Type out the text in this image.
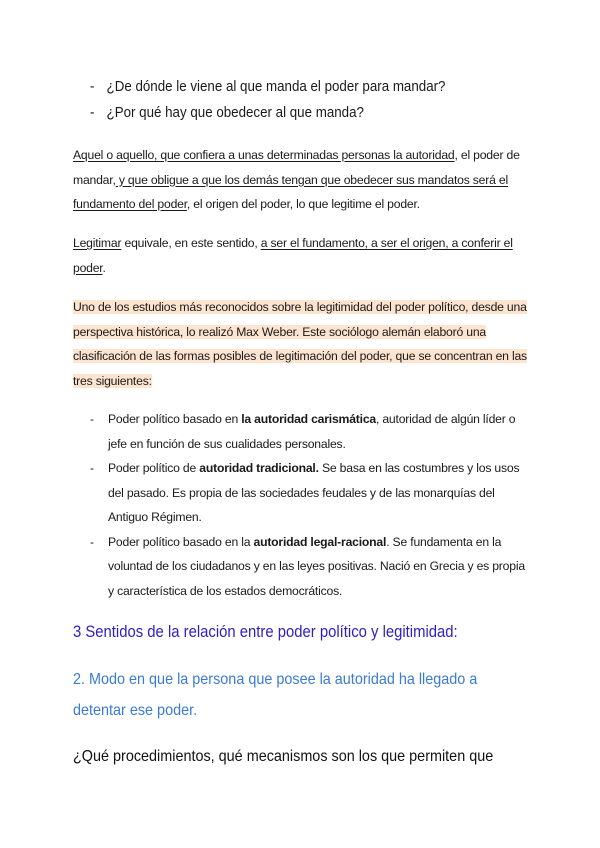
- ¿De dónde le viene al que manda el poder para mandar?
- ¿Por qué hay que obedecer al que manda?
Aquel o aquello, que confiera a unas determinadas personas la autoridad, el poder de mandar, y que obligue a que los demás tengan que obedecer sus mandatos será el fundamento del poder, el origen del poder, lo que legitime el poder.
Legitimar equivale, en este sentido, a ser el fundamento, a ser el origen, a conferir el poder.
Uno de los estudios más reconocidos sobre la legitimidad del poder político, desde una perspectiva histórica, lo realizó Max Weber. Este sociólogo alemán elaboró una clasificación de las formas posibles de legitimación del poder, que se concentran en las tres siguientes:
-	Poder político basado en la autoridad carismática, autoridad de algún líder o jefe en función de sus cualidades personales.
-	Poder político de autoridad tradicional. Se basa en las costumbres y los usos del pasado. Es propia de las sociedades feudales y de las monarquías del Antiguo Régimen.
-	Poder político basado en la autoridad legal-racional. Se fundamenta en la voluntad de los ciudadanos y en las leyes positivas. Nació en Grecia y es propia y característica de los estados democráticos.
3 Sentidos de la relación entre poder político y legitimidad:
2. Modo en que la persona que posee la autoridad ha llegado a detentar ese poder.
¿Qué procedimientos, qué mecanismos son los que permiten que
